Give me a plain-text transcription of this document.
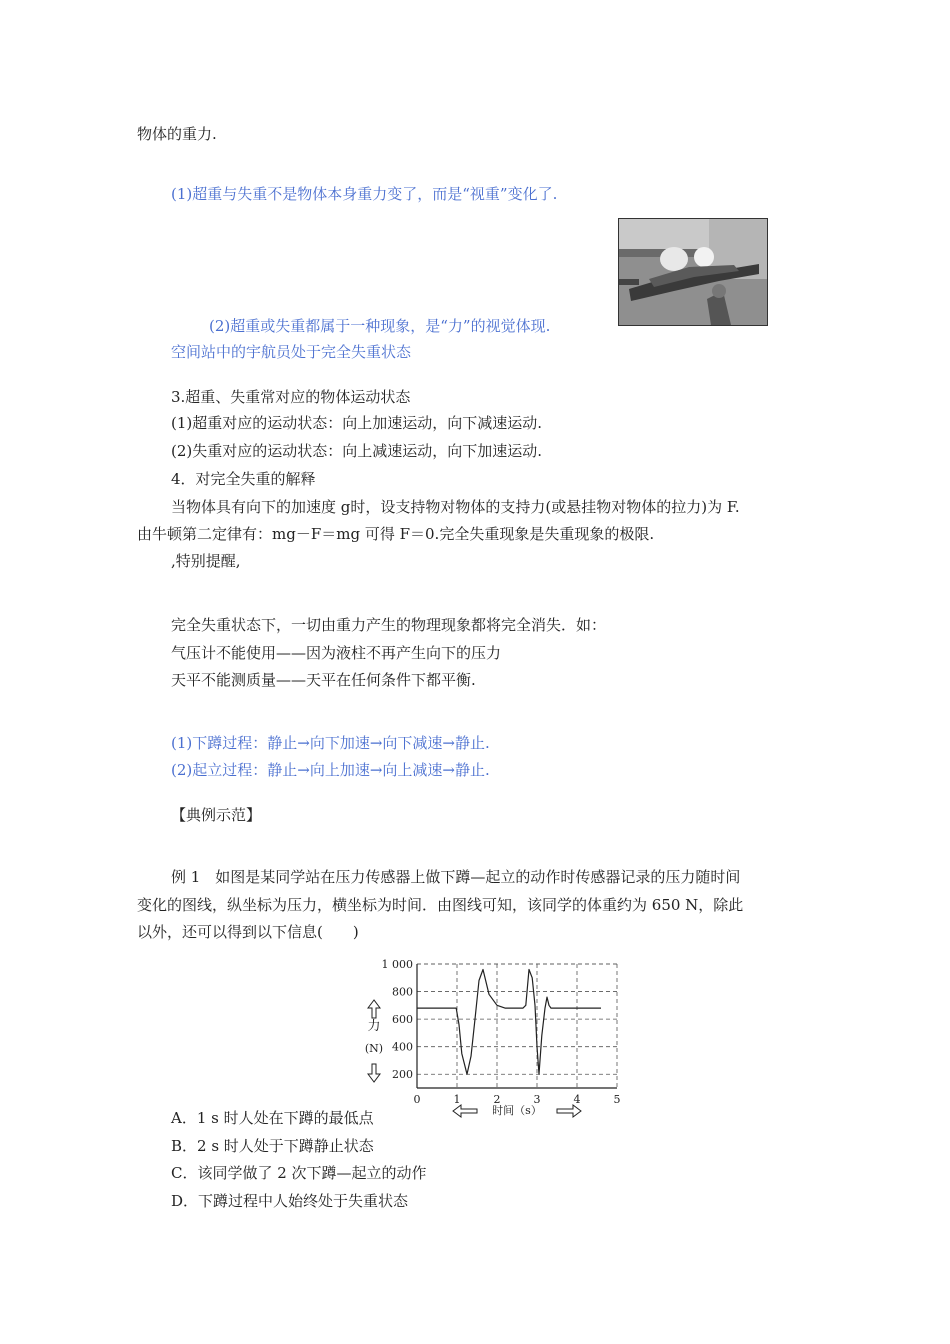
物体的重力.
(1)超重与失重不是物体本身重力变了，而是“视重”变化了.
(2)超重或失重都属于一种现象，是“力”的视觉体现.
空间站中的宇航员处于完全失重状态
3.超重、失重常对应的物体运动状态
(1)超重对应的运动状态：向上加速运动，向下减速运动.
(2)失重对应的运动状态：向上减速运动，向下加速运动.
4．对完全失重的解释
当物体具有向下的加速度 g时，设支持物对物体的支持力(或悬挂物对物体的拉力)为 F.
由牛顿第二定律有：mg－F＝mg 可得 F＝0.完全失重现象是失重现象的极限.
,特别提醒,
完全失重状态下，一切由重力产生的物理现象都将完全消失．如：
气压计不能使用——因为液柱不再产生向下的压力
天平不能测质量——天平在任何条件下都平衡.
(1)下蹲过程：静止→向下加速→向下减速→静止.
(2)起立过程：静止→向上加速→向上减速→静止.
【典例示范】
例 1　如图是某同学站在压力传感器上做下蹲—起立的动作时传感器记录的压力随时间
变化的图线，纵坐标为压力，横坐标为时间．由图线可知，该同学的体重约为 650 N，除此
以外，还可以得到以下信息(　　)
200
400
600
800
1 000
0	1	2	3	4	5
力
(N)
时间（s）
A．1 s 时人处在下蹲的最低点
B．2 s 时人处于下蹲静止状态
C．该同学做了 2 次下蹲—起立的动作
D．下蹲过程中人始终处于失重状态
